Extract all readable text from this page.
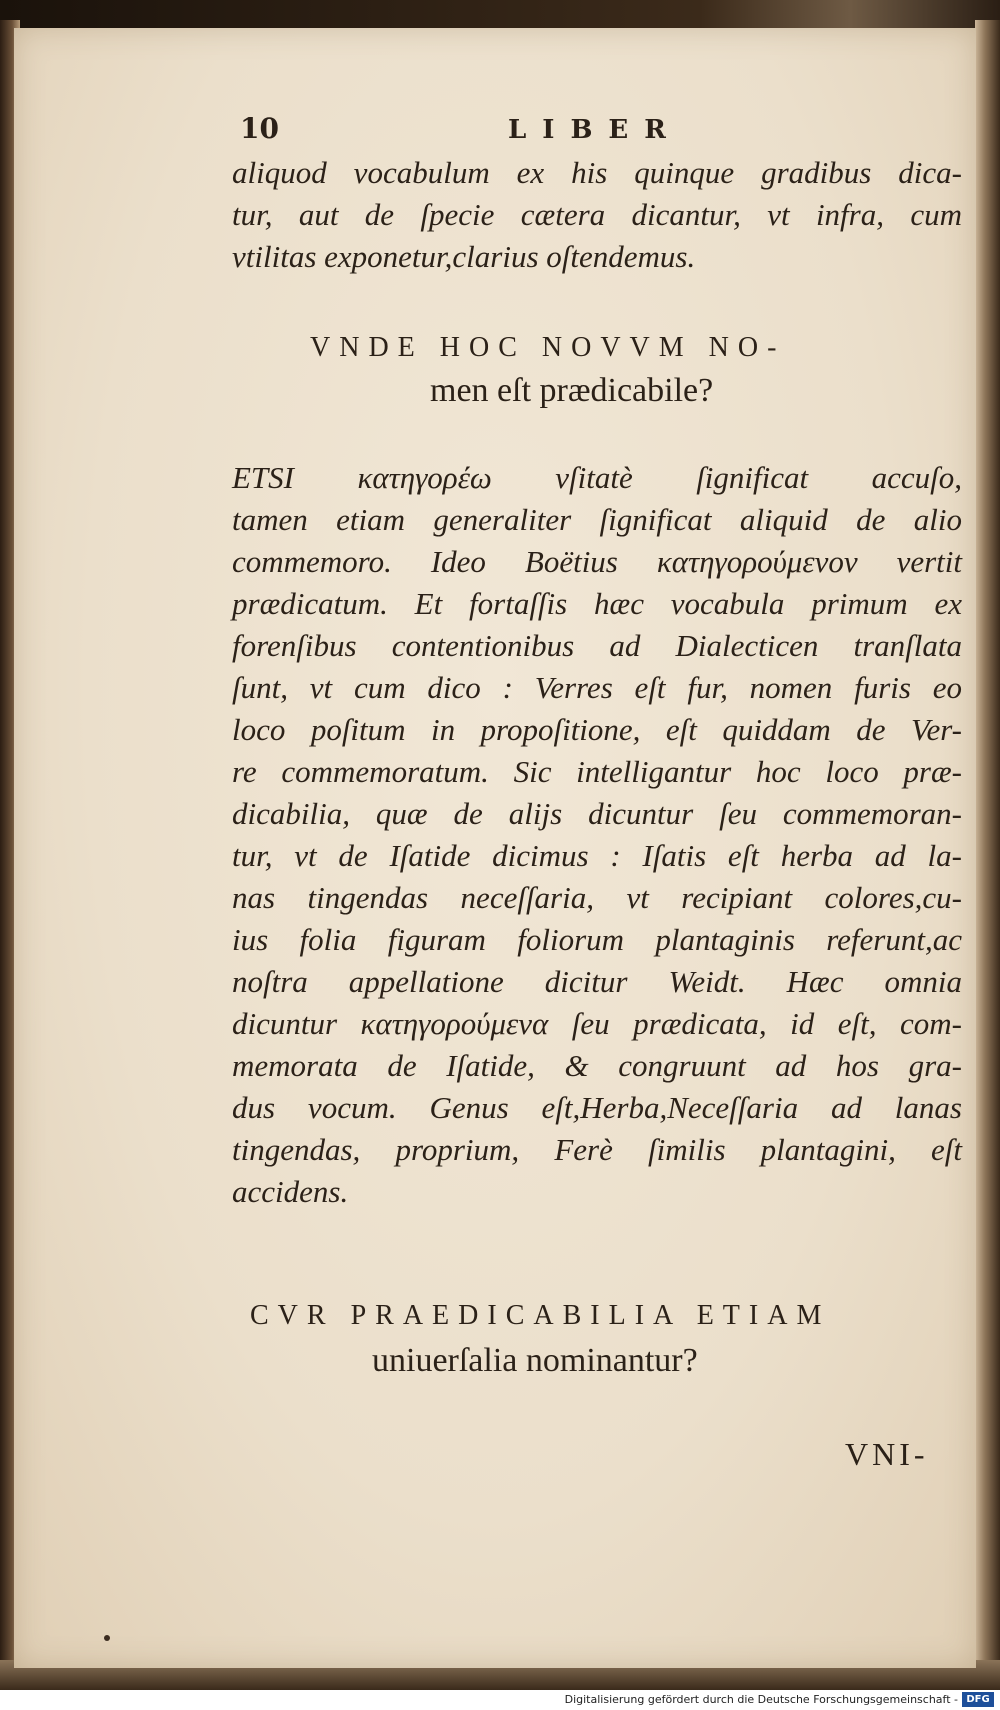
10	LIBER
aliquod vocabulum ex his quinque gradibus dica-
tur, aut de ſpecie cætera dicantur, vt infra, cum
vtilitas exponetur,clarius oſtendemus.
VNDE HOC NOVVM NO-
men eſt prædicabile?
ETSI κατηγορέω vſitatè ſignificat accuſo,
tamen etiam generaliter ſignificat aliquid de alio
commemoro. Ideo Boëtius κατηγορούμενον vertit
prædicatum. Et fortaſſis hæc vocabula primum ex
forenſibus contentionibus ad Dialecticen tranſlata
ſunt, vt cum dico : Verres eſt fur, nomen furis eo
loco poſitum in propoſitione, eſt quiddam de Ver-
re commemoratum. Sic intelligantur hoc loco præ-
dicabilia, quæ de alijs dicuntur ſeu commemoran-
tur, vt de Iſatide dicimus : Iſatis eſt herba ad la-
nas tingendas neceſſaria, vt recipiant colores,cu-
ius folia figuram foliorum plantaginis referunt,ac
noſtra appellatione dicitur Weidt. Hæc omnia
dicuntur κατηγορούμενα ſeu prædicata, id eſt, com-
memorata de Iſatide, & congruunt ad hos gra-
dus vocum. Genus eſt,Herba,Neceſſaria ad lanas
tingendas, proprium, Ferè ſimilis plantagini, eſt
accidens.
CVR PRAEDICABILIA ETIAM
uniuerſalia nominantur?
VNI-
Digitalisierung gefördert durch die Deutsche Forschungsgemeinschaft - DFG
